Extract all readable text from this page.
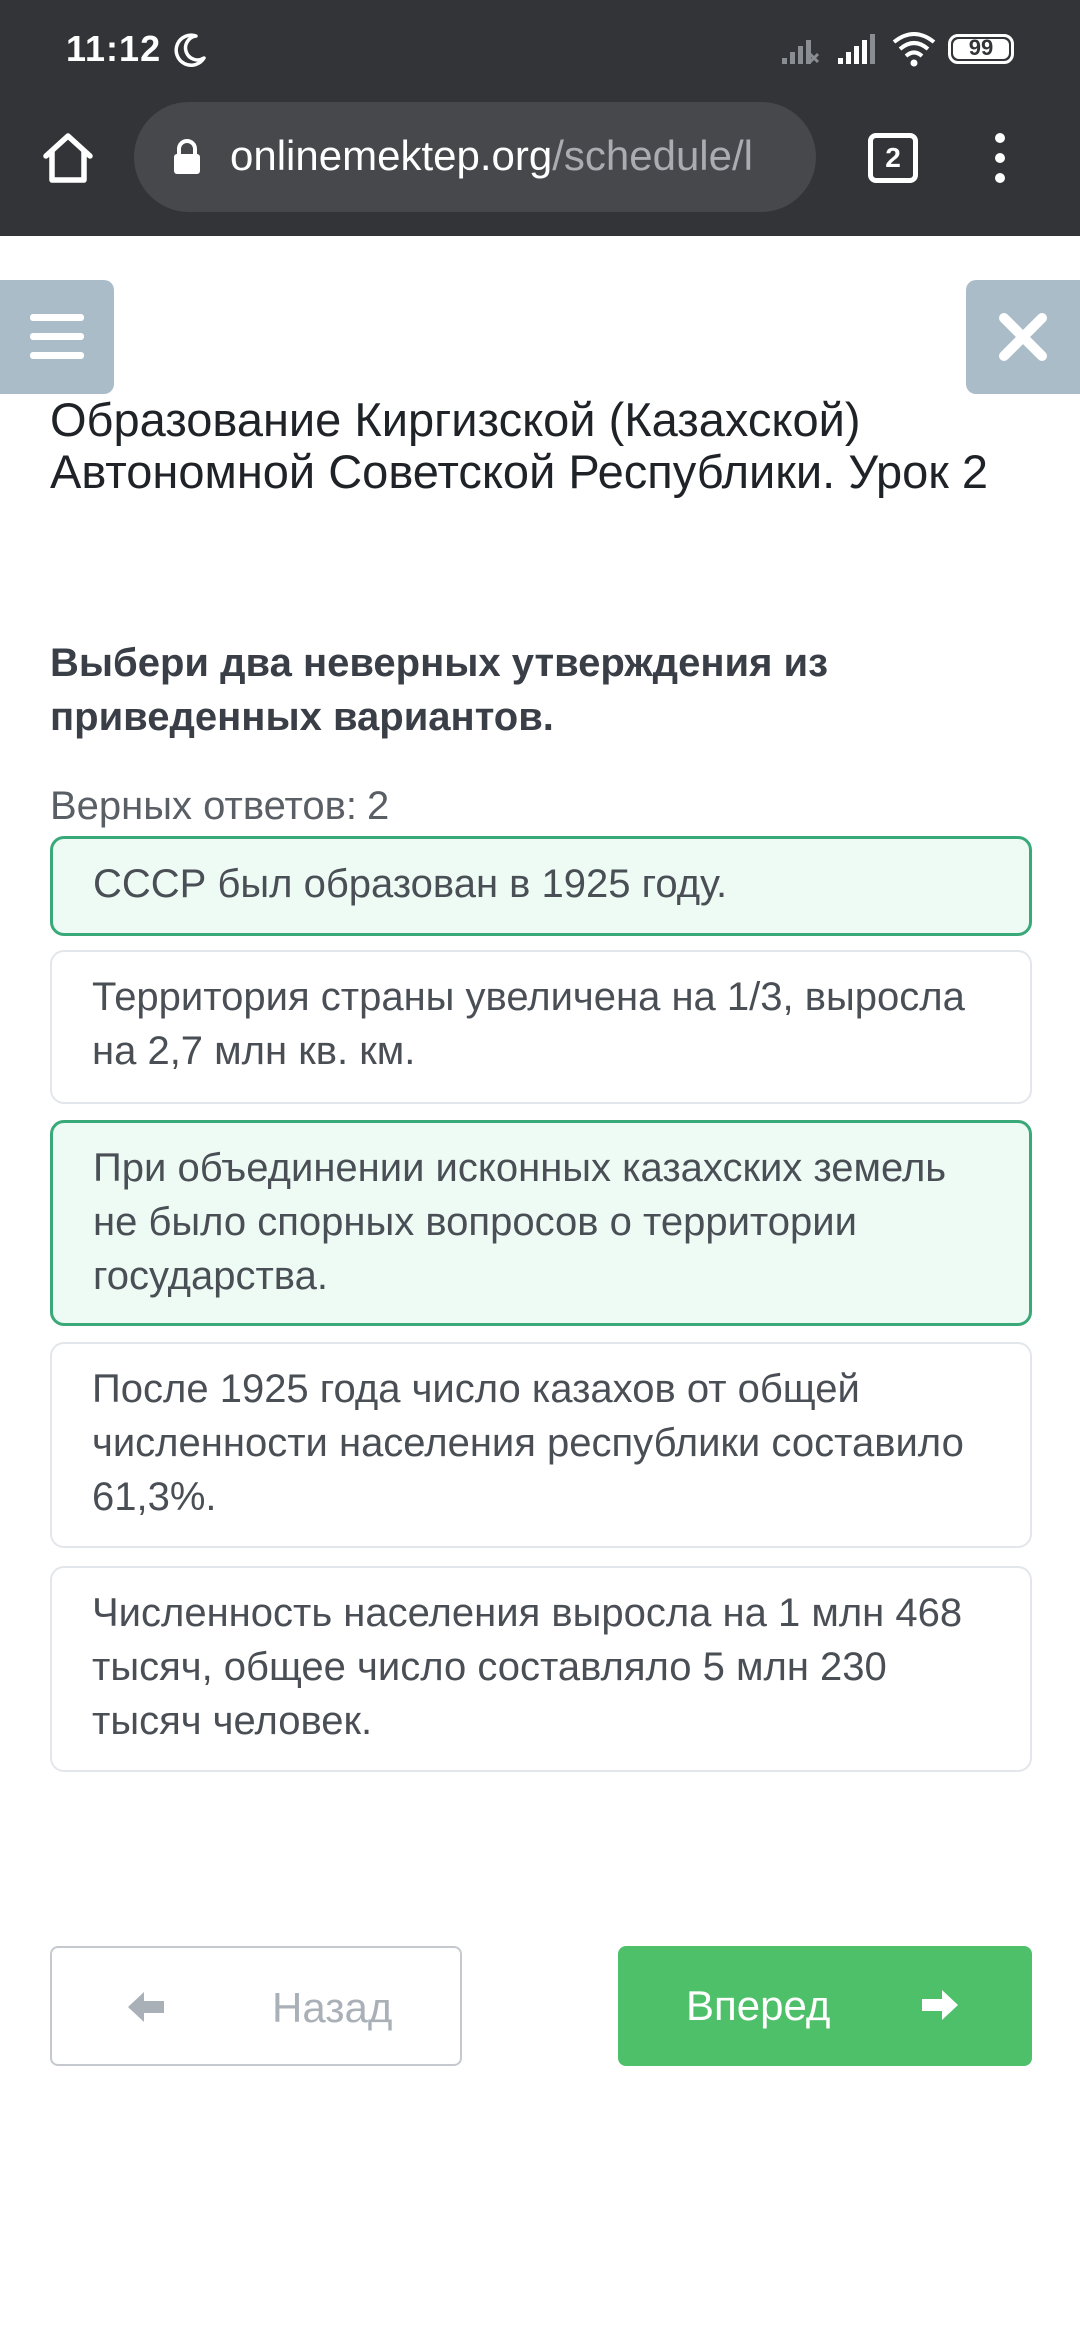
11:12	99
onlinemektep.org/schedule/l	2
Образование Киргизской (Казахской) Автономной Советской Республики. Урок 2
Выбери два неверных утверждения из приведенных вариантов.
Верных ответов: 2
СССР был образован в 1925 году.
Территория страны увеличена на 1/3, выросла на 2,7 млн кв. км.
При объединении исконных казахских земель не было спорных вопросов о территории государства.
После 1925 года число казахов от общей численности населения республики составило 61,3%.
Численность населения выросла на 1 млн 468 тысяч, общее число составляло 5 млн 230 тысяч человек.
Назад	Вперед
